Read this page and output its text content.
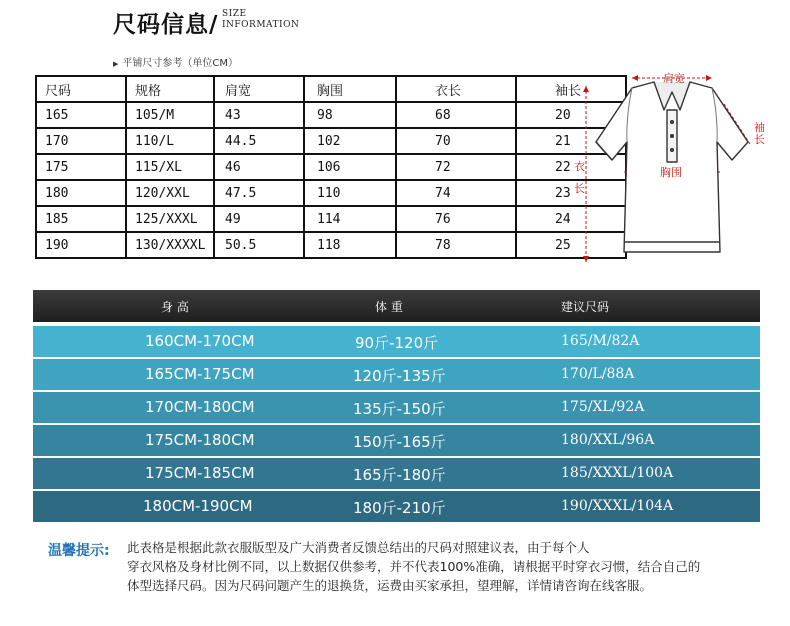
尺码信息/ SIZE
INFORMATION
▶ 平铺尺寸参考（单位CM）
尺码	规格	肩宽	胸围	衣长	袖长
165	105/M	43	98	68	20
170	110/L	44.5	102	70	21
175	115/XL	46	106	72	22
180	120/XXL	47.5	110	74	23
185	125/XXXL	49	114	76	24
190	130/XXXXL	50.5	118	78	25
肩宽
袖
长
胸围
衣
长
身 高	体 重	建议尺码
160CM-170CM	90斤-120斤	165/M/82A
165CM-175CM	120斤-135斤	170/L/88A
170CM-180CM	135斤-150斤	175/XL/92A
175CM-180CM	150斤-165斤	180/XXL/96A
175CM-185CM	165斤-180斤	185/XXXL/100A
180CM-190CM	180斤-210斤	190/XXXL/104A
温馨提示: 此表格是根据此款衣服版型及广大消费者反馈总结出的尺码对照建议表，由于每个人
穿衣风格及身材比例不同，以上数据仅供参考，并不代表100%准确，请根据平时穿衣习惯，结合自己的
体型选择尺码。因为尺码问题产生的退换货，运费由买家承担，望理解，详情请咨询在线客服。
